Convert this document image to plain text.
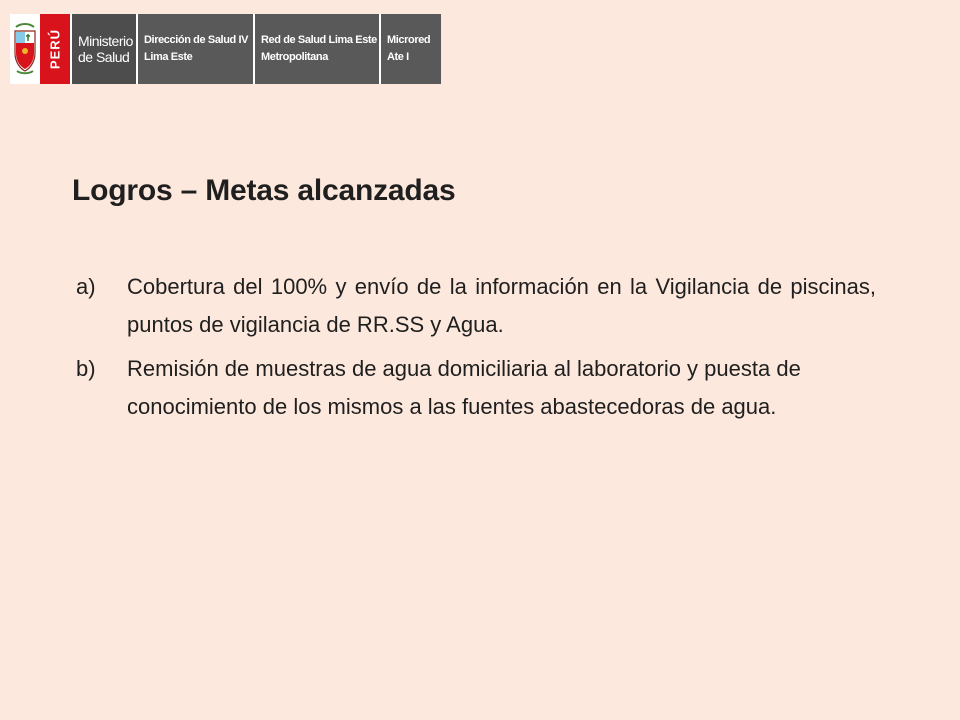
PERÚ Ministerio
de Salud
Dirección de Salud IV
Lima Este
Red de Salud Lima Este
Metropolitana
Microred
Ate I
Logros – Metas alcanzadas
a)	Cobertura del 100% y envío de la información en la Vigilancia de piscinas, puntos de vigilancia de RR.SS y Agua.
b)	Remisión de muestras de agua domiciliaria al laboratorio y puesta de conocimiento de los mismos a las fuentes abastecedoras de agua.
